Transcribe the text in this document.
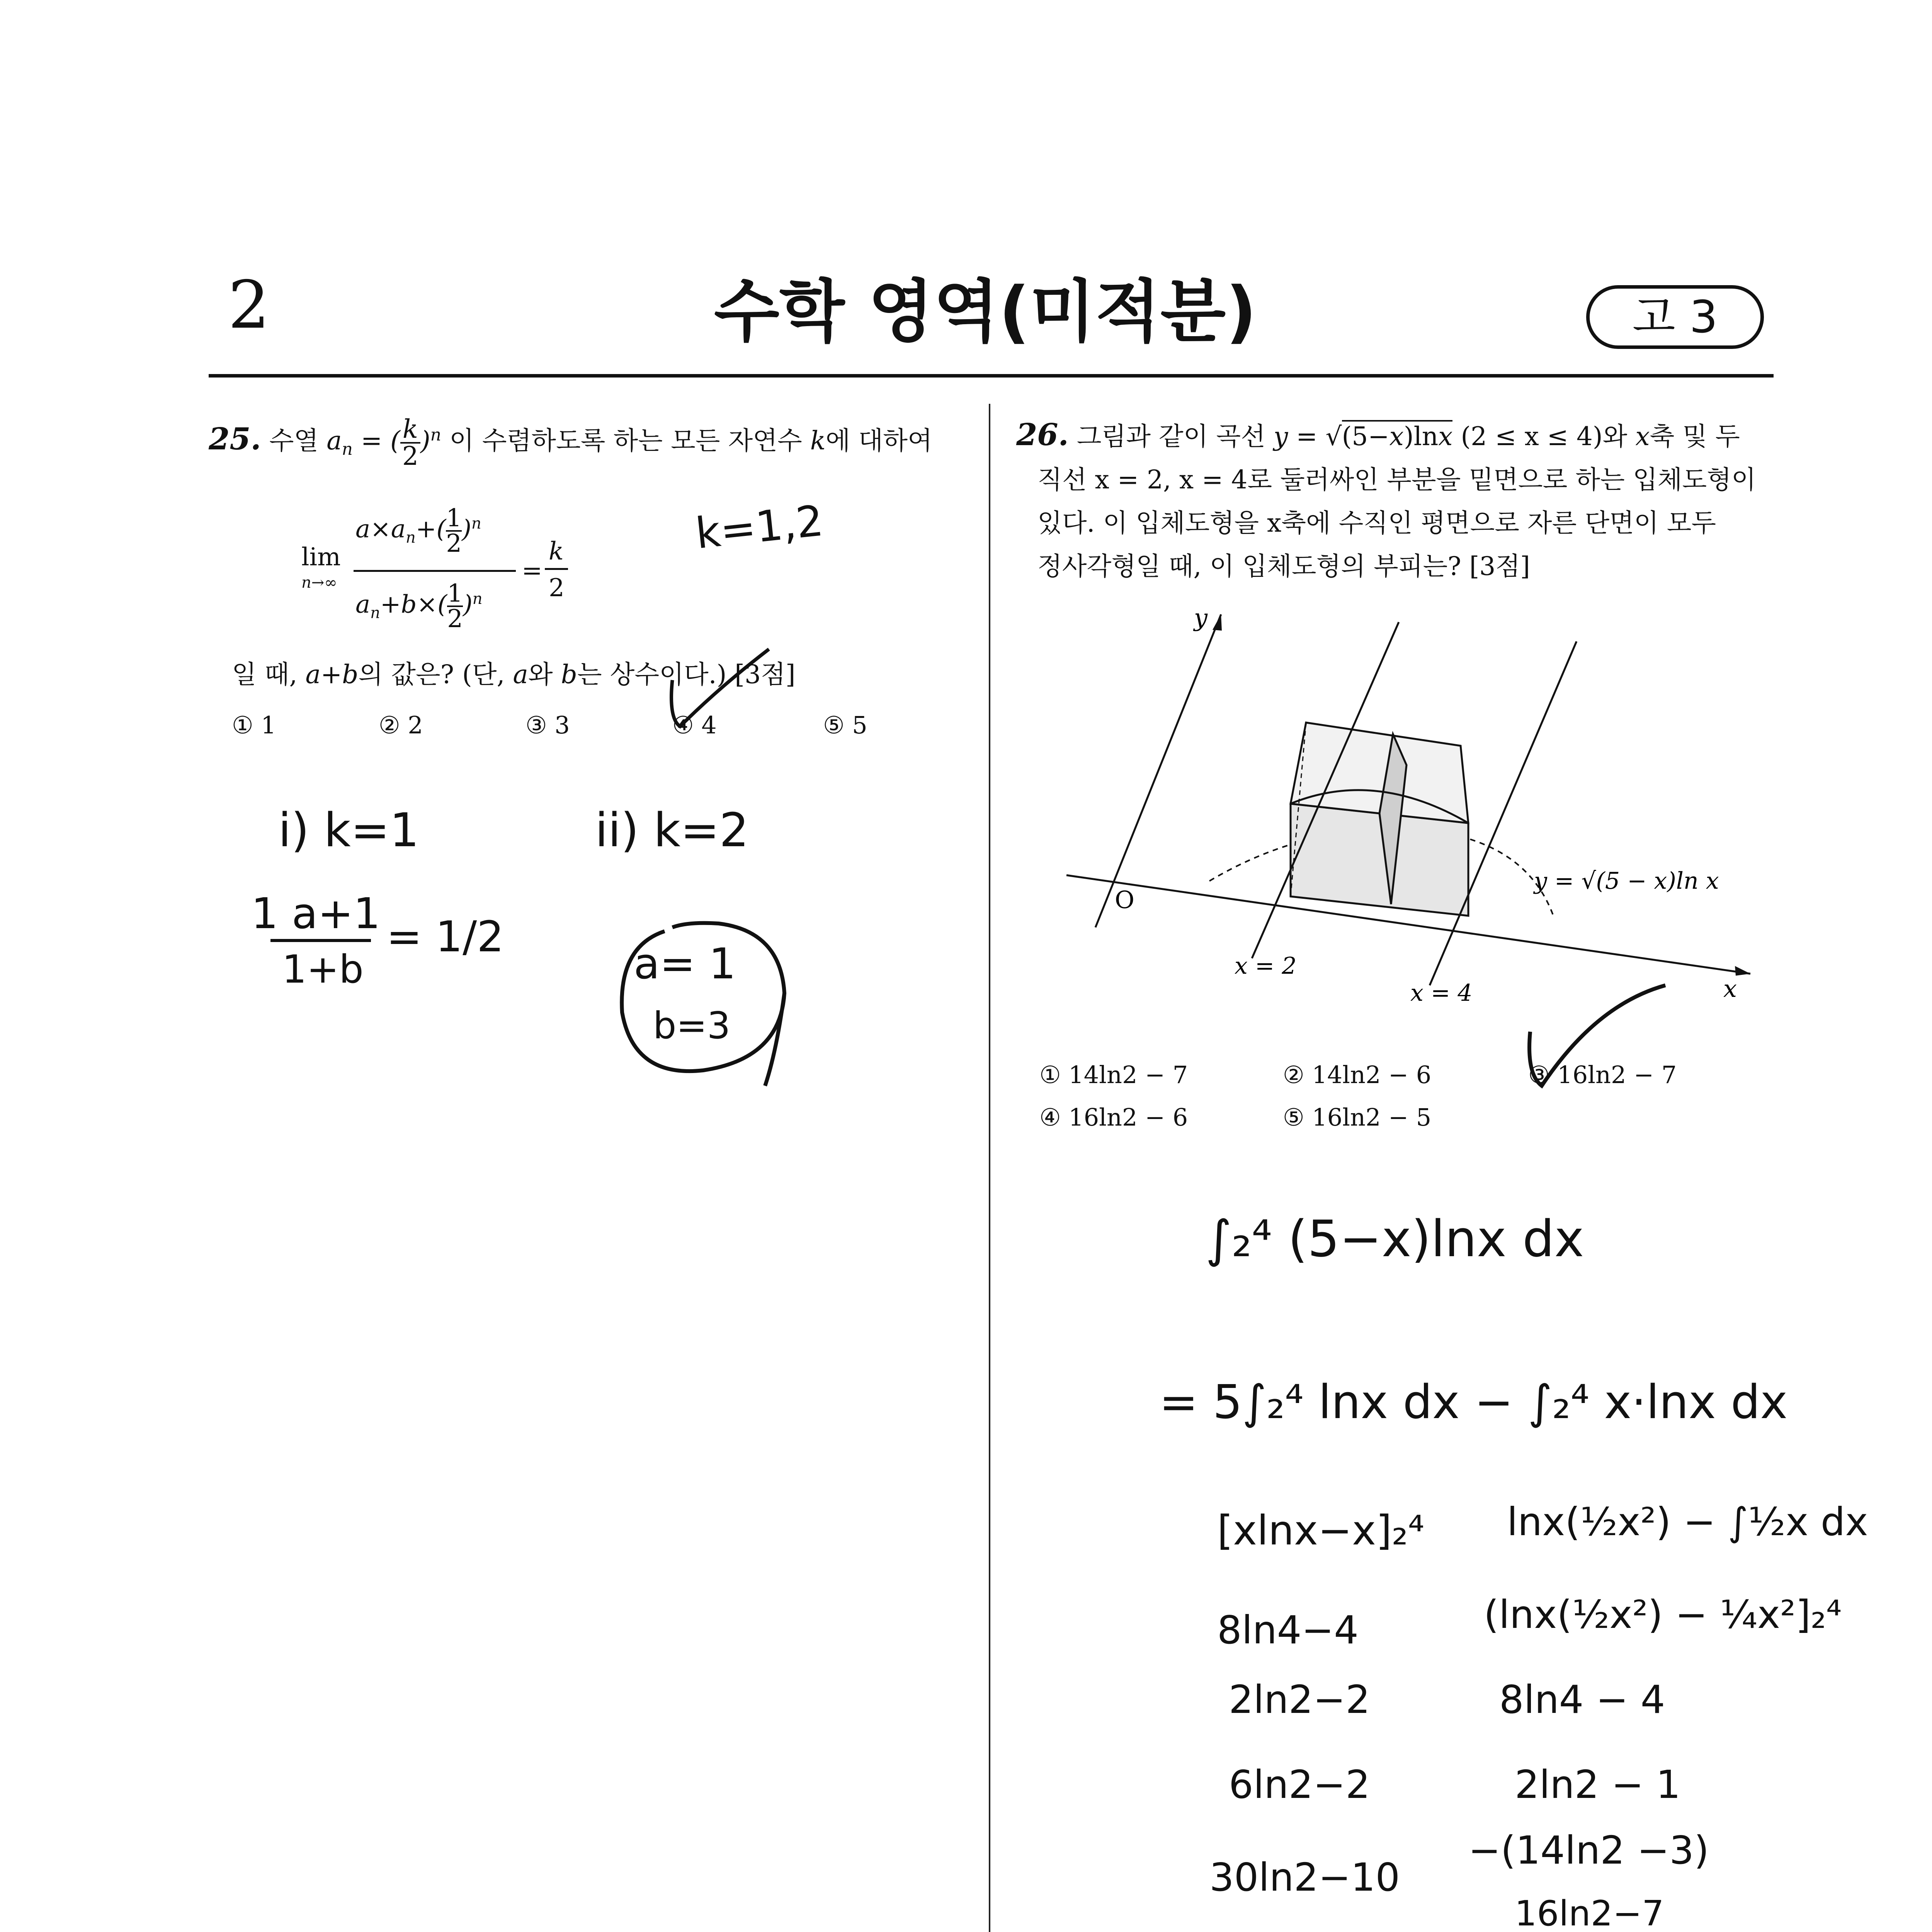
2	수학 영역(미적분)	고 3
25. 수열 $a_n$ = ( $\frac{k}{2} )^n$ 이 수렴하도록 하는 모든 자연수 k에 대하여
lim
n→∞
$a\times a_n+( \frac{1}{2} )^n$
$a_n+b\times( \frac{1}{2} )^n$
=
k
2
일 때, a+b의 값은? (단, a와 b는 상수이다.) [3점]
① 1	② 2	③ 3	④ 4	⑤ 5
26. 그림과 같이 곡선 y = √(5−x)lnx (2 ≤ x ≤ 4)와 x축 및 두
직선 x = 2, x = 4로 둘러싸인 부분을 밑면으로 하는 입체도형이
있다. 이 입체도형을 x축에 수직인 평면으로 자른 단면이 모두
정사각형일 때, 이 입체도형의 부피는? [3점]
y
x
O
x = 2
x = 4
y = √(5 − x)ln x
① 14ln2 − 7	② 14ln2 − 6	③ 16ln2 − 7
④ 16ln2 − 6	⑤ 16ln2 − 5
k=1,2
i) k=1	ii) k=2
1 a+1
1+b
= 1/2
a= 1
b=3
∫₂⁴ (5−x)lnx dx
= 5∫₂⁴ lnx dx − ∫₂⁴ x·lnx dx
[xlnx−x]₂⁴
8ln4−4
2ln2−2
6ln2−2
30ln2−10
lnx(½x²) − ∫½x dx
(lnx(½x²) − ¼x²]₂⁴
8ln4 − 4
2ln2 − 1
−(14ln2 −3)
16ln2−7
